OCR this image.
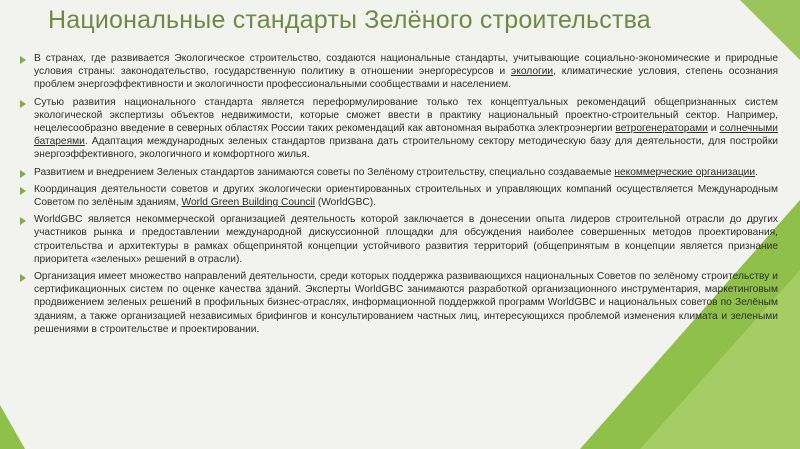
Национальные стандарты Зелёного строительства
В странах, где развивается Экологическое строительство, создаются национальные стандарты, учитывающие социально-экономические и природные условия страны: законодательство, государственную политику в отношении энергоресурсов и экологии, климатические условия, степень осознания проблем энергоэффективности и экологичности профессиональными сообществами и населением.
Сутью развития национального стандарта является переформулирование только тех концептуальных рекомендаций общепризнанных систем экологической экспертизы объектов недвижимости, которые сможет ввести в практику национальный проектно-строительный сектор. Например, нецелесообразно введение в северных областях России таких рекомендаций как автономная выработка электроэнергии ветрогенераторами и солнечными батареями. Адаптация международных зеленых стандартов призвана дать строительному сектору методическую базу для деятельности, для постройки энергоэффективного, экологичного и комфортного жилья.
Развитием и внедрением Зеленых стандартов занимаются советы по Зелёному строительству, специально создаваемые некоммерческие организации.
Координация деятельности советов и других экологически ориентированных строительных и управляющих компаний осуществляется Международным Советом по зелёным зданиям, World Green Building Council (WorldGBC).
WorldGBC является некоммерческой организацией деятельность которой заключается в донесении опыта лидеров строительной отрасли до других участников рынка и предоставлении международной дискуссионной площадки для обсуждения наиболее совершенных методов проектирования, строительства и архитектуры в рамках общепринятой концепции устойчивого развития территорий (общепринятым в концепции является признание приоритета «зеленых» решений в отрасли).
Организация имеет множество направлений деятельности, среди которых поддержка развивающихся национальных Советов по зелёному строительству и сертификационных систем по оценке качества зданий. Эксперты WorldGBC занимаются разработкой организационного инструментария, маркетинговым продвижением зеленых решений в профильных бизнес-отраслях, информационной поддержкой программ WorldGBC и национальных советов по Зелёным зданиям, а также организацией независимых брифингов и консультированием частных лиц, интересующихся проблемой изменения климата и зелеными решениями в строительстве и проектировании.
